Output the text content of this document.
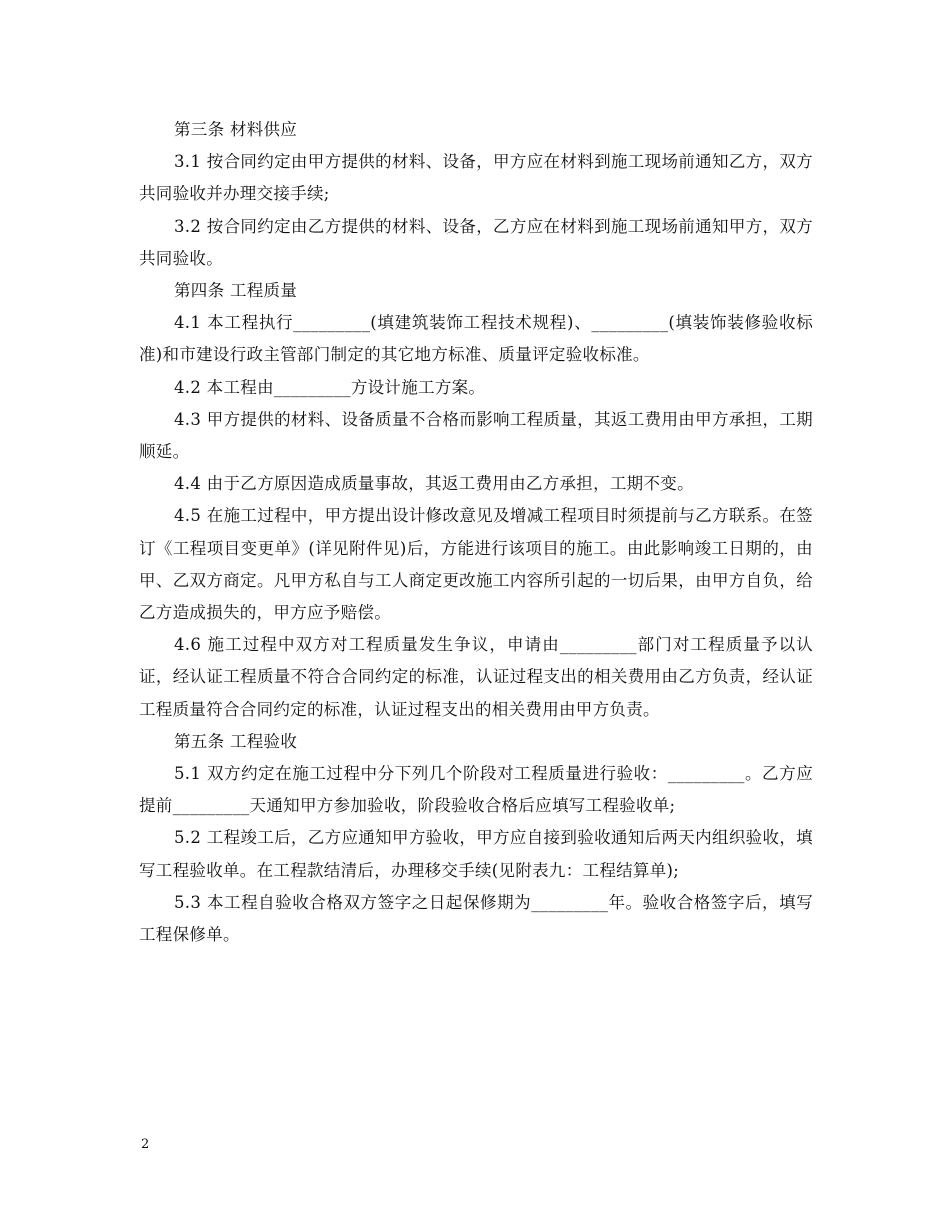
第三条 材料供应

3.1 按合同约定由甲方提供的材料、设备，甲方应在材料到施工现场前通知乙方，双方共同验收并办理交接手续;

3.2 按合同约定由乙方提供的材料、设备，乙方应在材料到施工现场前通知甲方，双方共同验收。

第四条 工程质量

4.1 本工程执行_________(填建筑装饰工程技术规程)、_________(填装饰装修验收标准)和市建设行政主管部门制定的其它地方标准、质量评定验收标准。

4.2 本工程由_________方设计施工方案。

4.3 甲方提供的材料、设备质量不合格而影响工程质量，其返工费用由甲方承担，工期顺延。

4.4 由于乙方原因造成质量事故，其返工费用由乙方承担，工期不变。

4.5 在施工过程中，甲方提出设计修改意见及增减工程项目时须提前与乙方联系。在签订《工程项目变更单》(详见附件见)后，方能进行该项目的施工。由此影响竣工日期的，由甲、乙双方商定。凡甲方私自与工人商定更改施工内容所引起的一切后果，由甲方自负，给乙方造成损失的，甲方应予赔偿。

4.6 施工过程中双方对工程质量发生争议，申请由_________部门对工程质量予以认证，经认证工程质量不符合合同约定的标准，认证过程支出的相关费用由乙方负责，经认证工程质量符合合同约定的标准，认证过程支出的相关费用由甲方负责。

第五条 工程验收

5.1 双方约定在施工过程中分下列几个阶段对工程质量进行验收：_________。乙方应提前_________天通知甲方参加验收，阶段验收合格后应填写工程验收单;

5.2 工程竣工后，乙方应通知甲方验收，甲方应自接到验收通知后两天内组织验收，填写工程验收单。在工程款结清后，办理移交手续(见附表九：工程结算单);

5.3 本工程自验收合格双方签字之日起保修期为_________年。验收合格签字后，填写工程保修单。

2
